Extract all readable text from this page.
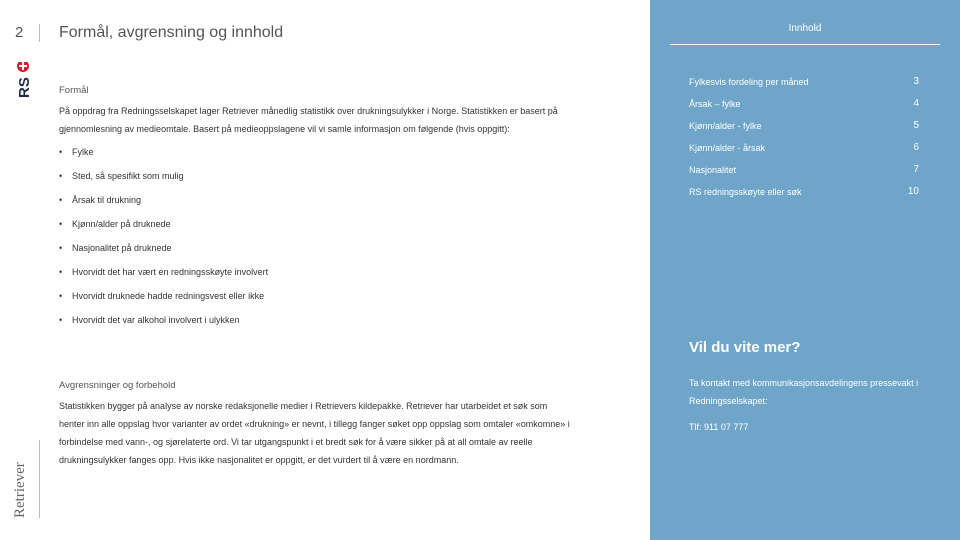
2
RS
Retriever
Formål, avgrensning og innhold
Formål

På oppdrag fra Redningsselskapet lager Retriever månedlig statistikk over drukningsulykker i Norge. Statistikken er basert på gjennomlesning av medieomtale. Basert på medieoppslagene vil vi samle informasjon om følgende (hvis oppgitt):

• Fylke
• Sted, så spesifikt som mulig
• Årsak til drukning
• Kjønn/alder på druknede
• Nasjonalitet på druknede
• Hvorvidt det har vært en redningsskøyte involvert
• Hvorvidt druknede hadde redningsvest eller ikke
• Hvorvidt det var alkohol involvert i ulykken
Avgrensninger og forbehold

Statistikken bygger på analyse av norske redaksjonelle medier i Retrievers kildepakke. Retriever har utarbeidet et søk som henter inn alle oppslag hvor varianter av ordet «drukning» er nevnt, i tillegg fanger søket opp oppslag som omtaler «omkomne» i forbindelse med vann-, og sjørelaterte ord. Vi tar utgangspunkt i et bredt søk for å være sikker på at all omtale av reelle drukningsulykker fanges opp. Hvis ikke nasjonalitet er oppgitt, er det vurdert til å være en nordmann.

Innhold
Fylkesvis fordeling per måned	3
Årsak – fylke	4
Kjønn/alder - fylke	5
Kjønn/alder - årsak	6
Nasjonalitet	7
RS redningsskøyte eller søk	10
Vil du vite mer?
Ta kontakt med kommunikasjonsavdelingens pressevakt i Redningsselskapet:
Tlf: 911 07 777
